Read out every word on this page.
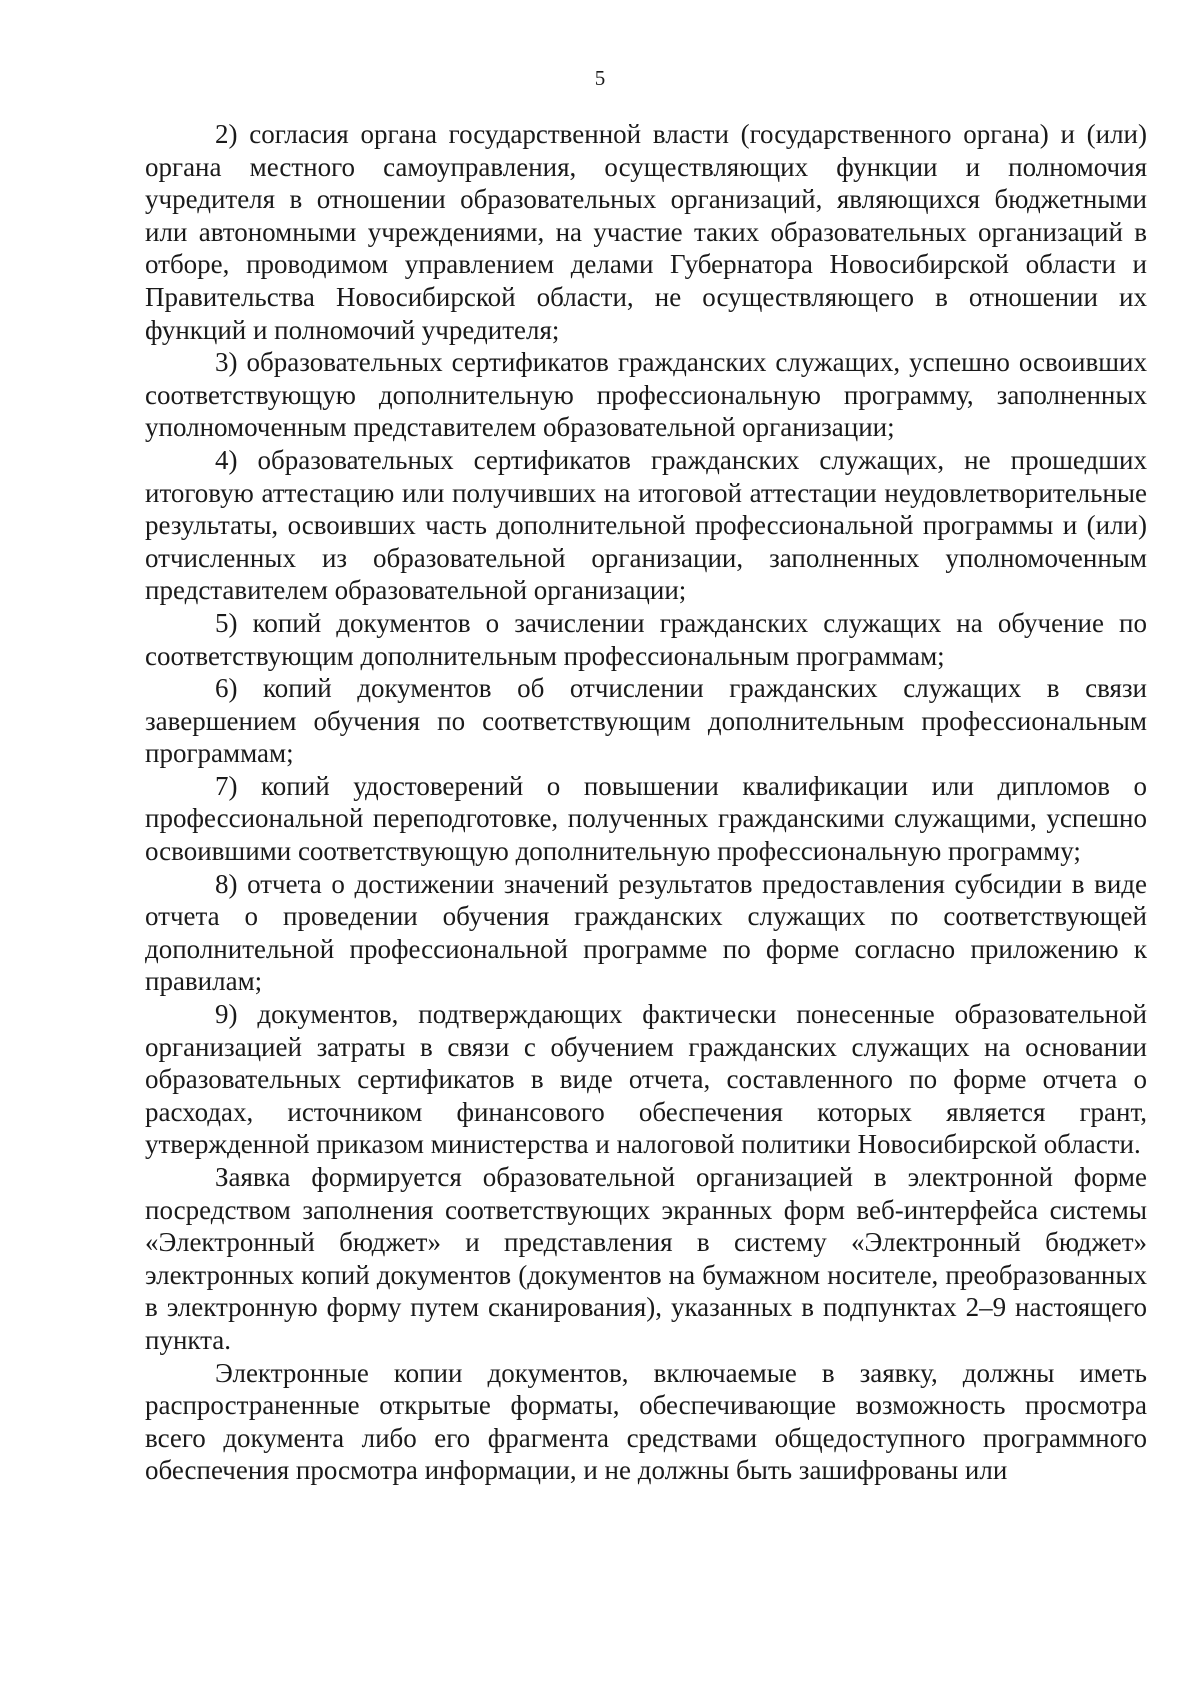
5

2) согласия органа государственной власти (государственного органа) и (или) органа местного самоуправления, осуществляющих функции и полномочия учредителя в отношении образовательных организаций, являющихся бюджетными или автономными учреждениями, на участие таких образовательных организаций в отборе, проводимом управлением делами Губернатора Новосибирской области и Правительства Новосибирской области, не осуществляющего в отношении их функций и полномочий учредителя;

3) образовательных сертификатов гражданских служащих, успешно освоивших соответствующую дополнительную профессиональную программу, заполненных уполномоченным представителем образовательной организации;

4) образовательных сертификатов гражданских служащих, не прошедших итоговую аттестацию или получивших на итоговой аттестации неудовлетворительные результаты, освоивших часть дополнительной профессиональной программы и (или) отчисленных из образовательной организации, заполненных уполномоченным представителем образовательной организации;

5) копий документов о зачислении гражданских служащих на обучение по соответствующим дополнительным профессиональным программам;

6) копий документов об отчислении гражданских служащих в связи завершением обучения по соответствующим дополнительным профессиональным программам;

7) копий удостоверений о повышении квалификации или дипломов о профессиональной переподготовке, полученных гражданскими служащими, успешно освоившими соответствующую дополнительную профессиональную программу;

8) отчета о достижении значений результатов предоставления субсидии в виде отчета о проведении обучения гражданских служащих по соответствующей дополнительной профессиональной программе по форме согласно приложению к правилам;

9) документов, подтверждающих фактически понесенные образовательной организацией затраты в связи с обучением гражданских служащих на основании образовательных сертификатов в виде отчета, составленного по форме отчета о расходах, источником финансового обеспечения которых является грант, утвержденной приказом министерства и налоговой политики Новосибирской области.

Заявка формируется образовательной организацией в электронной форме посредством заполнения соответствующих экранных форм веб-интерфейса системы «Электронный бюджет» и представления в систему «Электронный бюджет» электронных копий документов (документов на бумажном носителе, преобразованных в электронную форму путем сканирования), указанных в подпунктах 2–9 настоящего пункта.

Электронные копии документов, включаемые в заявку, должны иметь распространенные открытые форматы, обеспечивающие возможность просмотра всего документа либо его фрагмента средствами общедоступного программного обеспечения просмотра информации, и не должны быть зашифрованы или
